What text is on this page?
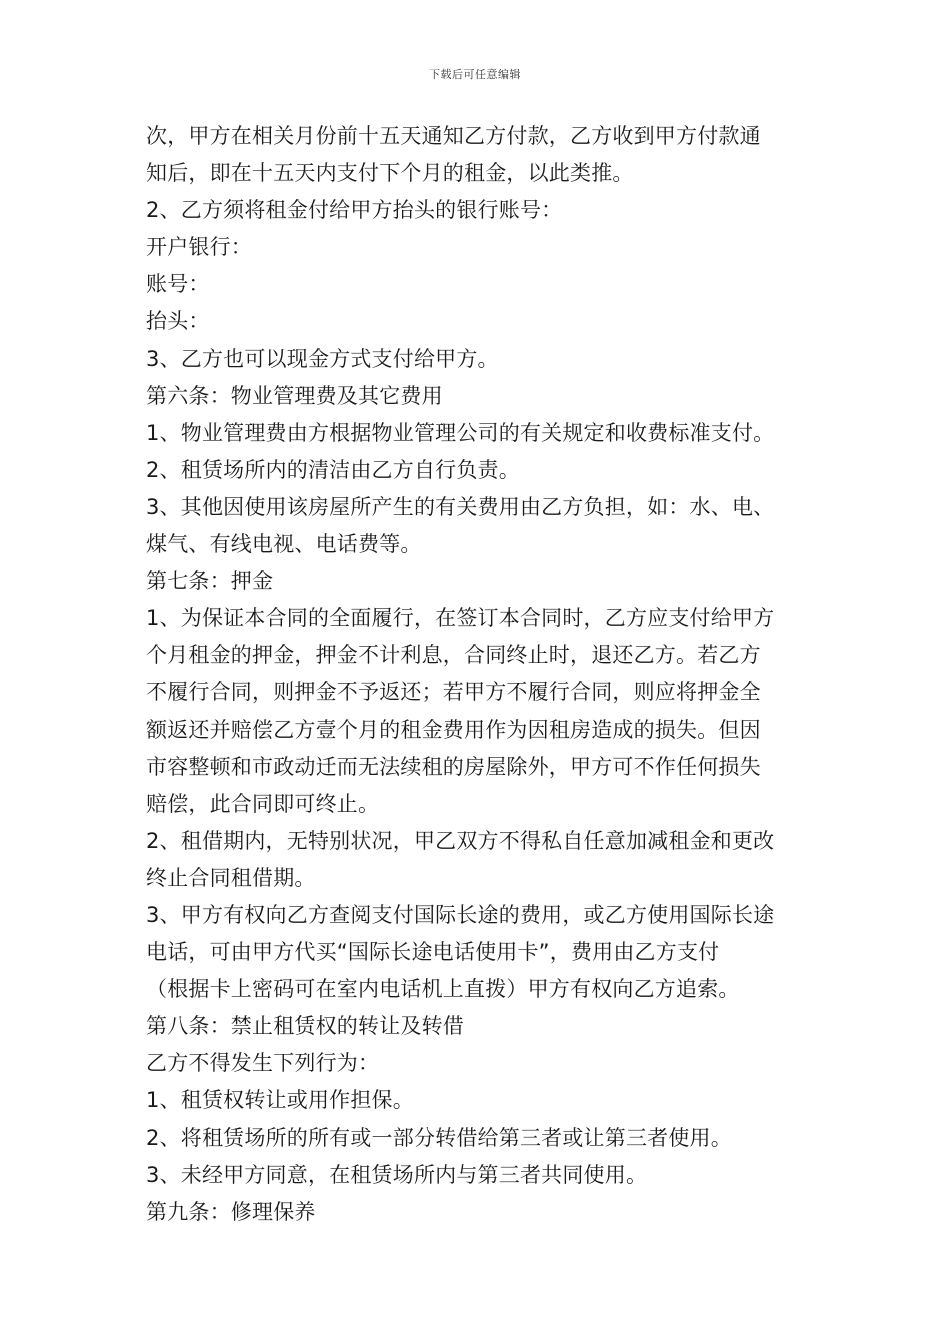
下载后可任意编辑
次，甲方在相关月份前十五天通知乙方付款，乙方收到甲方付款通
知后，即在十五天内支付下个月的租金，以此类推。
2、乙方须将租金付给甲方抬头的银行账号：
开户银行：
账号：
抬头：
3、乙方也可以现金方式支付给甲方。
第六条：物业管理费及其它费用
1、物业管理费由方根据物业管理公司的有关规定和收费标准支付。
2、租赁场所内的清洁由乙方自行负责。
3、其他因使用该房屋所产生的有关费用由乙方负担，如：水、电、
煤气、有线电视、电话费等。
第七条：押金
1、为保证本合同的全面履行，在签订本合同时，乙方应支付给甲方
个月租金的押金，押金不计利息，合同终止时，退还乙方。若乙方
不履行合同，则押金不予返还；若甲方不履行合同，则应将押金全
额返还并赔偿乙方壹个月的租金费用作为因租房造成的损失。但因
市容整顿和市政动迁而无法续租的房屋除外，甲方可不作任何损失
赔偿，此合同即可终止。
2、租借期内，无特别状况，甲乙双方不得私自任意加减租金和更改
终止合同租借期。
3、甲方有权向乙方查阅支付国际长途的费用，或乙方使用国际长途
电话，可由甲方代买“国际长途电话使用卡”，费用由乙方支付
（根据卡上密码可在室内电话机上直拨）甲方有权向乙方追索。
第八条：禁止租赁权的转让及转借
乙方不得发生下列行为：
1、租赁权转让或用作担保。
2、将租赁场所的所有或一部分转借给第三者或让第三者使用。
3、未经甲方同意，在租赁场所内与第三者共同使用。
第九条：修理保养
